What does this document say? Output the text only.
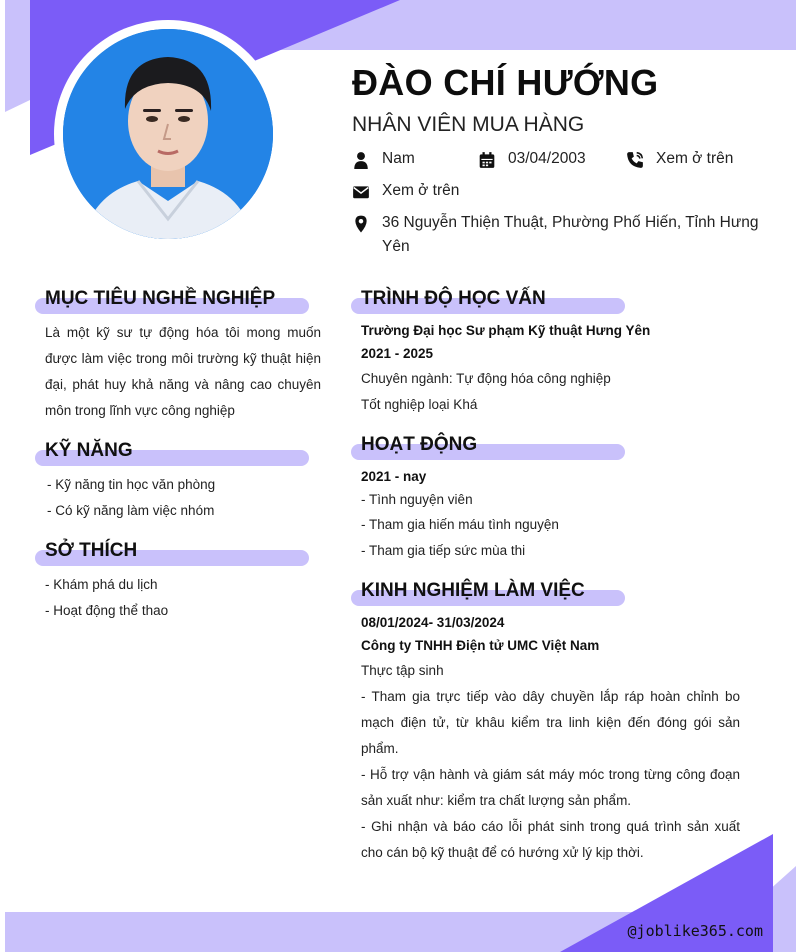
ĐÀO CHÍ HƯỚNG
NHÂN VIÊN MUA HÀNG
Nam	03/04/2003	Xem ở trên
Xem ở trên
36 Nguyễn Thiện Thuật, Phường Phố Hiến, Tỉnh Hưng Yên
MỤC TIÊU NGHỀ NGHIỆP
Là một kỹ sư tự động hóa tôi mong muốn được làm việc trong môi trường kỹ thuật hiện đại, phát huy khả năng và nâng cao chuyên môn trong lĩnh vực công nghiệp
KỸ NĂNG
- Kỹ năng tin học văn phòng
- Có kỹ năng làm việc nhóm
SỞ THÍCH
- Khám phá du lịch
- Hoạt động thể thao
TRÌNH ĐỘ HỌC VẤN
Trường Đại học Sư phạm Kỹ thuật Hưng Yên
2021 - 2025
Chuyên ngành: Tự động hóa công nghiệp
Tốt nghiệp loại Khá
HOẠT ĐỘNG
2021 - nay
- Tình nguyện viên
- Tham gia hiến máu tình nguyện
- Tham gia tiếp sức mùa thi
KINH NGHIỆM LÀM VIỆC
08/01/2024- 31/03/2024
Công ty TNHH Điện tử UMC Việt Nam
Thực tập sinh
- Tham gia trực tiếp vào dây chuyền lắp ráp hoàn chỉnh bo mạch điện tử, từ khâu kiểm tra linh kiện đến đóng gói sản phẩm.
- Hỗ trợ vận hành và giám sát máy móc trong từng công đoạn sản xuất như: kiểm tra chất lượng sản phẩm.
- Ghi nhận và báo cáo lỗi phát sinh trong quá trình sản xuất cho cán bộ kỹ thuật để có hướng xử lý kịp thời.
@joblike365.com
